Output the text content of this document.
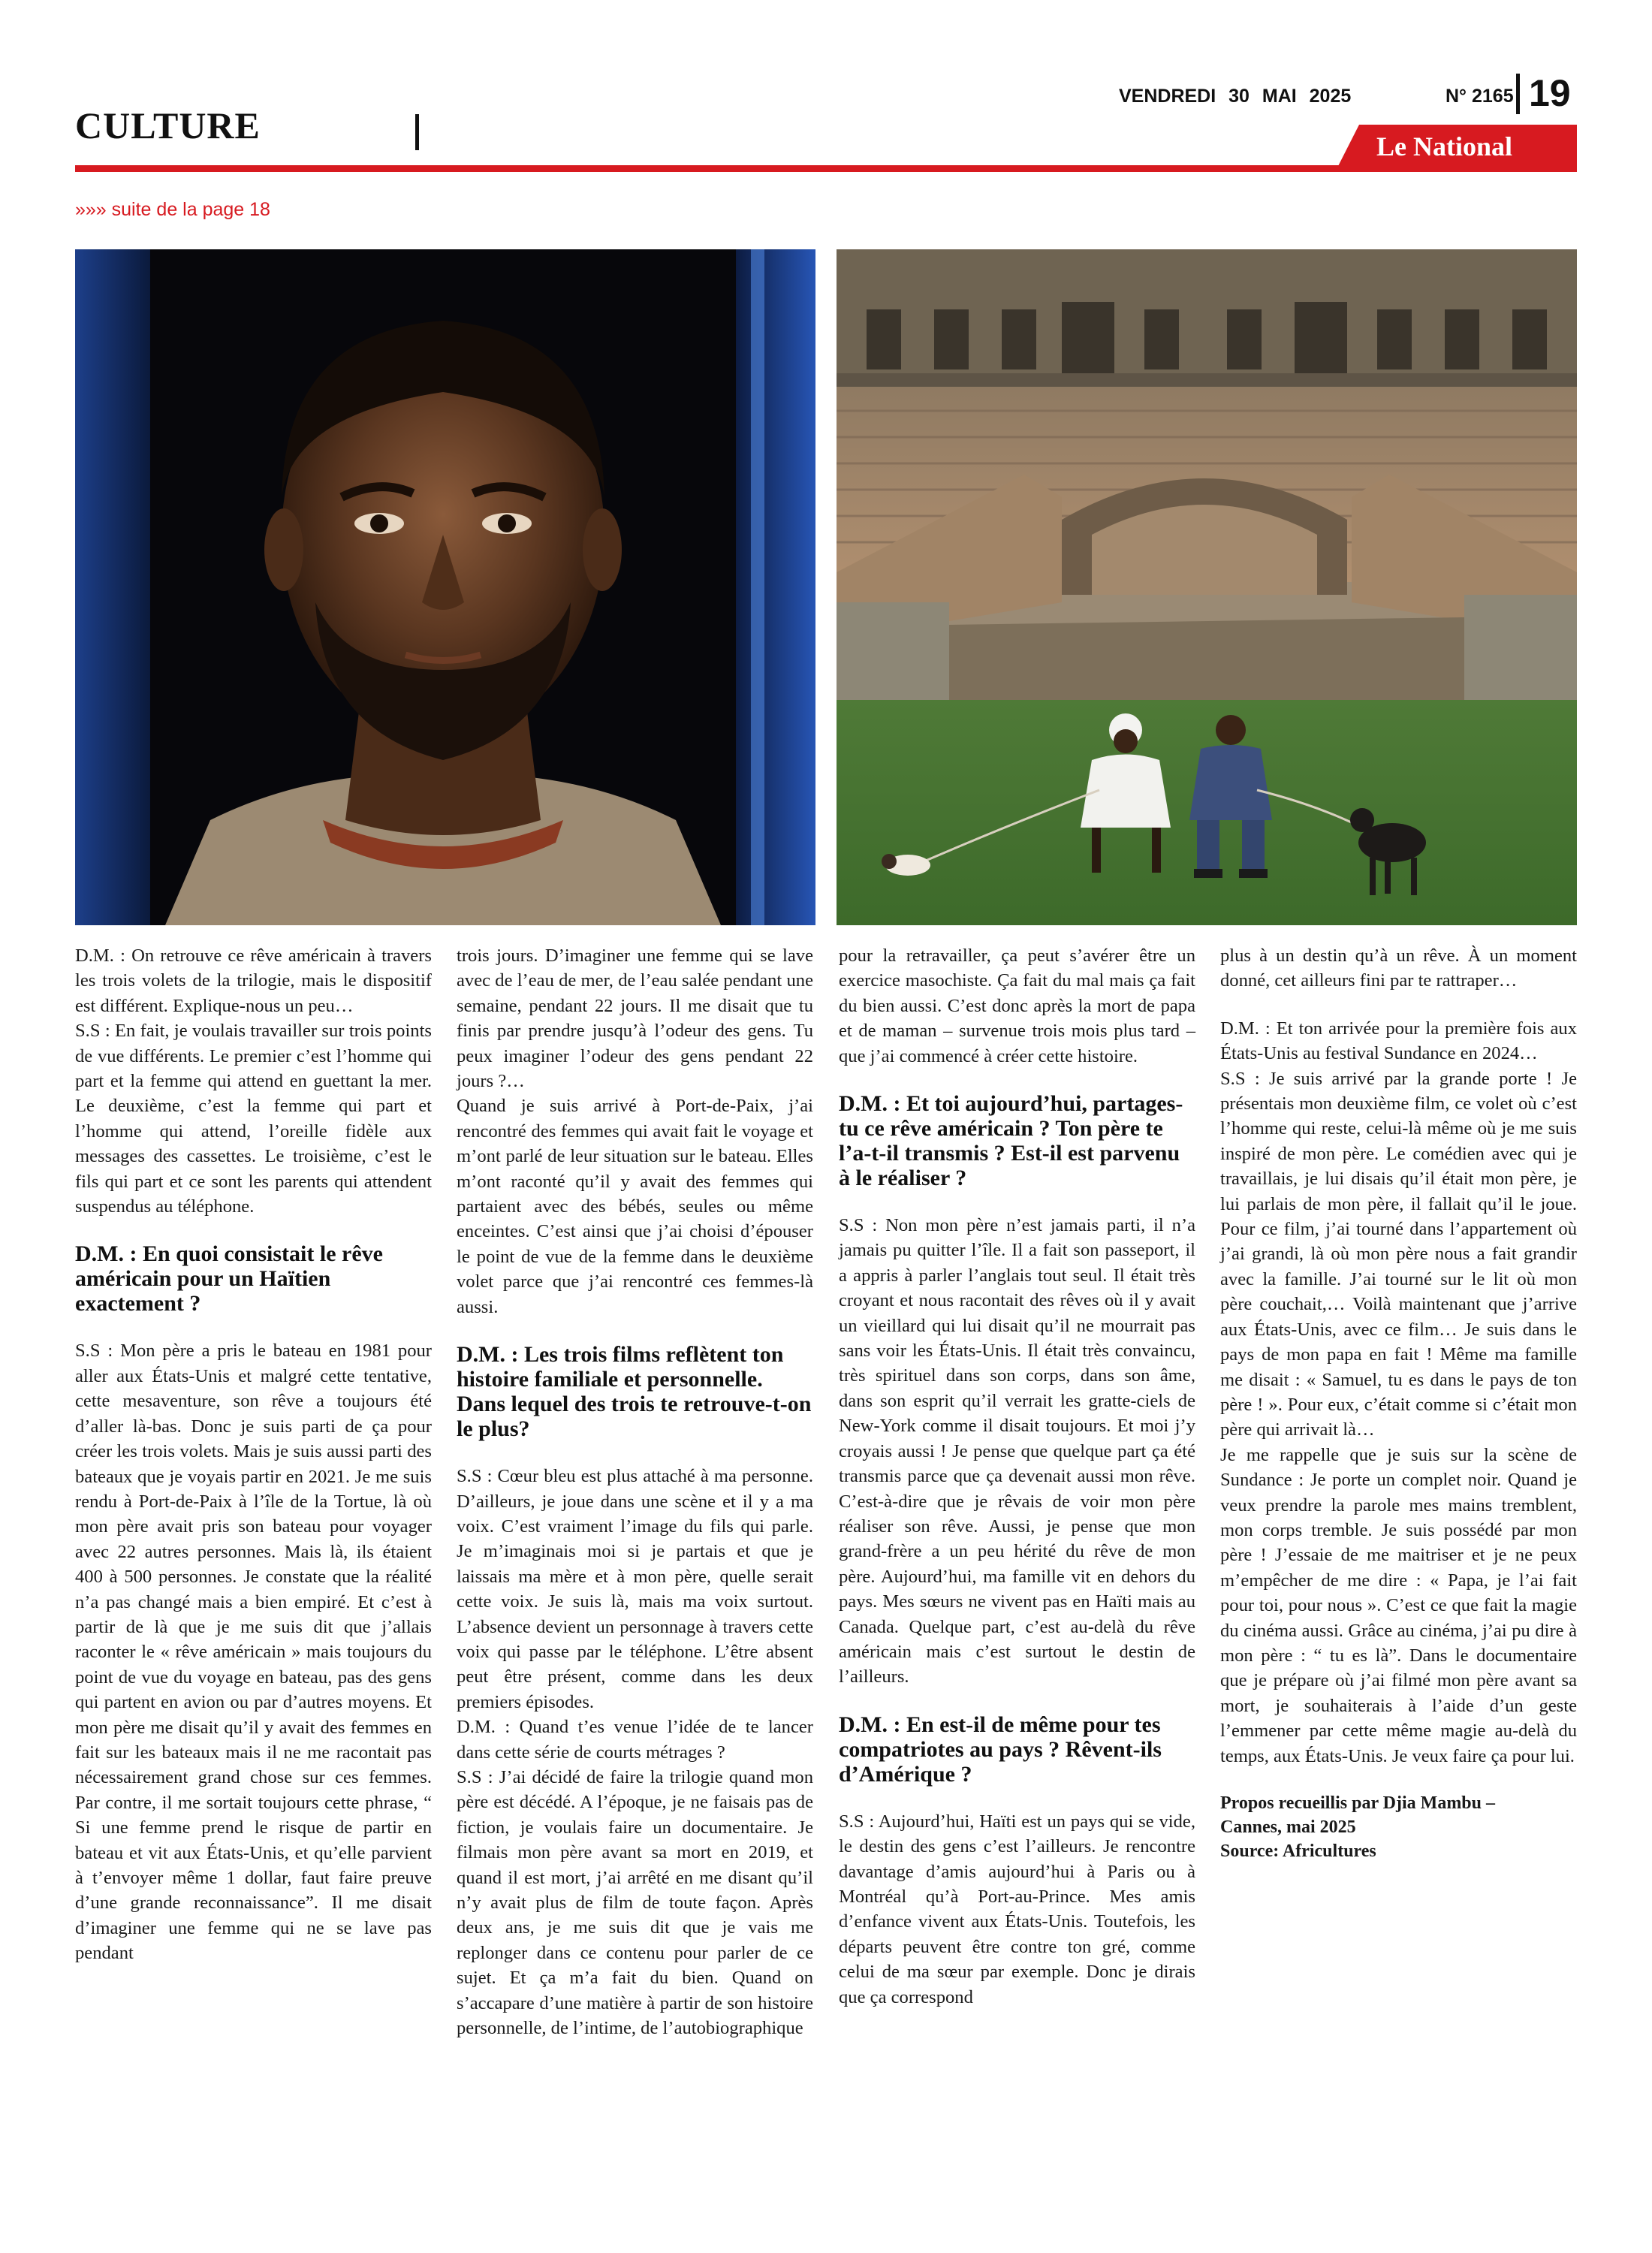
CULTURE
VENDREDI 30 MAI 2025	N° 2165 19
Le National
»»» suite de la page 18

D.M. : On retrouve ce rêve américain à travers les trois volets de la trilogie, mais le dispositif est différent. Explique-nous un peu…

S.S : En fait, je voulais travailler sur trois points de vue différents. Le premier c’est l’homme qui part et la femme qui attend en guettant la mer. Le deuxième, c’est la femme qui part et l’homme qui attend, l’oreille fidèle aux messages des cassettes. Le troisième, c’est le fils qui part et ce sont les parents qui attendent suspendus au téléphone.

D.M. : En quoi consistait le rêve américain pour un Haïtien exactement ?

S.S : Mon père a pris le bateau en 1981 pour aller aux États-Unis et malgré cette tentative, cette mesaventure, son rêve a toujours été d’aller là-bas. Donc je suis parti de ça pour créer les trois volets. Mais je suis aussi parti des bateaux que je voyais partir en 2021. Je me suis rendu à Port-de-Paix à l’île de la Tortue, là où mon père avait pris son bateau pour voyager avec 22 autres personnes. Mais là, ils étaient 400 à 500 personnes. Je constate que la réalité n’a pas changé mais a bien empiré. Et c’est à partir de là que je me suis dit que j’allais raconter le « rêve américain » mais toujours du point de vue du voyage en bateau, pas des gens qui partent en avion ou par d’autres moyens. Et mon père me disait qu’il y avait des femmes en fait sur les bateaux mais il ne me racontait pas nécessairement grand chose sur ces femmes. Par contre, il me sortait toujours cette phrase, “ Si une femme prend le risque de partir en bateau et vit aux États-Unis, et qu’elle parvient à t’envoyer même 1 dollar, faut faire preuve d’une grande reconnaissance”. Il me disait d’imaginer une femme qui ne se lave pas pendant

trois jours. D’imaginer une femme qui se lave avec de l’eau de mer, de l’eau salée pendant une semaine, pendant 22 jours. Il me disait que tu finis par prendre jusqu’à l’odeur des gens. Tu peux imaginer l’odeur des gens pendant 22 jours ?…

Quand je suis arrivé à Port-de-Paix, j’ai rencontré des femmes qui avait fait le voyage et m’ont parlé de leur situation sur le bateau. Elles m’ont raconté qu’il y avait des femmes qui partaient avec des bébés, seules ou même enceintes. C’est ainsi que j’ai choisi d’épouser le point de vue de la femme dans le deuxième volet parce que j’ai rencontré ces femmes-là aussi.

D.M. : Les trois films reflètent ton histoire familiale et personnelle. Dans lequel des trois te retrouve-t-on le plus?

S.S : Cœur bleu est plus attaché à ma personne. D’ailleurs, je joue dans une scène et il y a ma voix. C’est vraiment l’image du fils qui parle. Je m’imaginais moi si je partais et que je laissais ma mère et à mon père, quelle serait cette voix. Je suis là, mais ma voix surtout. L’absence devient un personnage à travers cette voix qui passe par le téléphone. L’être absent peut être présent, comme dans les deux premiers épisodes.

D.M. : Quand t’es venue l’idée de te lancer dans cette série de courts métrages ?

S.S : J’ai décidé de faire la trilogie quand mon père est décédé. A l’époque, je ne faisais pas de fiction, je voulais faire un documentaire. Je filmais mon père avant sa mort en 2019, et quand il est mort, j’ai arrêté en me disant qu’il n’y avait plus de film de toute façon. Après deux ans, je me suis dit que je vais me replonger dans ce contenu pour parler de ce sujet. Et ça m’a fait du bien. Quand on s’accapare d’une matière à partir de son histoire personnelle, de l’intime, de l’autobiographique

pour la retravailler, ça peut s’avérer être un exercice masochiste. Ça fait du mal mais ça fait du bien aussi. C’est donc après la mort de papa et de maman – survenue trois mois plus tard – que j’ai commencé à créer cette histoire.

D.M. : Et toi aujourd’hui, partages-tu ce rêve américain ? Ton père te l’a-t-il transmis ? Est-il est parvenu à le réaliser ?

S.S : Non mon père n’est jamais parti, il n’a jamais pu quitter l’île. Il a fait son passeport, il a appris à parler l’anglais tout seul. Il était très croyant et nous racontait des rêves où il y avait un vieillard qui lui disait qu’il ne mourrait pas sans voir les États-Unis. Il était très convaincu, très spirituel dans son corps, dans son âme, dans son esprit qu’il verrait les gratte-ciels de New-York comme il disait toujours. Et moi j’y croyais aussi ! Je pense que quelque part ça été transmis parce que ça devenait aussi mon rêve. C’est-à-dire que je rêvais de voir mon père réaliser son rêve. Aussi, je pense que mon grand-frère a un peu hérité du rêve de mon père. Aujourd’hui, ma famille vit en dehors du pays. Mes sœurs ne vivent pas en Haïti mais au Canada. Quelque part, c’est au-delà du rêve américain mais c’est surtout le destin de l’ailleurs.

D.M. : En est-il de même pour tes compatriotes au pays ? Rêvent-ils d’Amérique ?

S.S : Aujourd’hui, Haïti est un pays qui se vide, le destin des gens c’est l’ailleurs. Je rencontre davantage d’amis aujourd’hui à Paris ou à Montréal qu’à Port-au-Prince. Mes amis d’enfance vivent aux États-Unis. Toutefois, les départs peuvent être contre ton gré, comme celui de ma sœur par exemple. Donc je dirais que ça correspond

plus à un destin qu’à un rêve. À un moment donné, cet ailleurs fini par te rattraper…

D.M. : Et ton arrivée pour la première fois aux États-Unis au festival Sundance en 2024…

S.S : Je suis arrivé par la grande porte ! Je présentais mon deuxième film, ce volet où c’est l’homme qui reste, celui-là même où je me suis inspiré de mon père. Le comédien avec qui je travaillais, je lui disais qu’il était mon père, je lui parlais de mon père, il fallait qu’il le joue. Pour ce film, j’ai tourné dans l’appartement où j’ai grandi, là où mon père nous a fait grandir avec la famille. J’ai tourné sur le lit où mon père couchait,… Voilà maintenant que j’arrive aux États-Unis, avec ce film… Je suis dans le pays de mon papa en fait ! Même ma famille me disait : « Samuel, tu es dans le pays de ton père ! ». Pour eux, c’était comme si c’était mon père qui arrivait là…

Je me rappelle que je suis sur la scène de Sundance : Je porte un complet noir. Quand je veux prendre la parole mes mains tremblent, mon corps tremble. Je suis possédé par mon père ! J’essaie de me maitriser et je ne peux m’empêcher de me dire : « Papa, je l’ai fait pour toi, pour nous ». C’est ce que fait la magie du cinéma aussi. Grâce au cinéma, j’ai pu dire à mon père : “ tu es là”. Dans le documentaire que je prépare où j’ai filmé mon père avant sa mort, je souhaiterais à l’aide d’un geste l’emmener par cette même magie au-delà du temps, aux États-Unis. Je veux faire ça pour lui.

Propos recueillis par Djia Mambu –

Cannes, mai 2025

Source: Africultures
